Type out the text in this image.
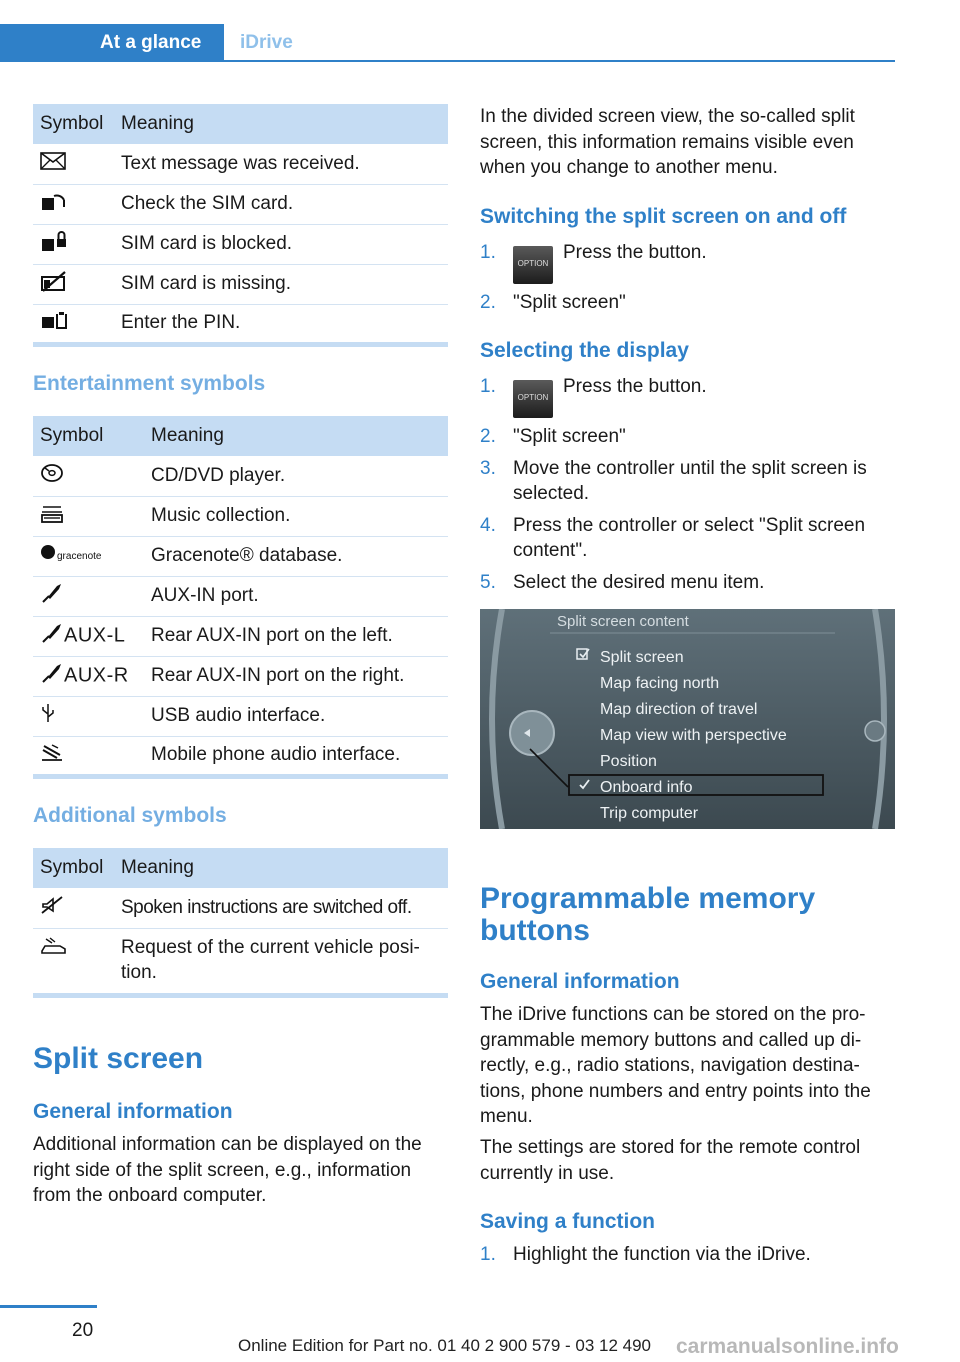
At a glance	iDrive
Symbol	Meaning
	Text message was received.
	Check the SIM card.
	SIM card is blocked.
	SIM card is missing.
	Enter the PIN.
Entertainment symbols
Symbol	Meaning
	CD/DVD player.
	Music collection.

gracenote	Gracenote® database.
	AUX-IN port.
AUX-L	Rear AUX-IN port on the left.
AUX-R	Rear AUX-IN port on the right.
	USB audio interface.
	Mobile phone audio interface.
Additional symbols
Symbol	Meaning
	Spoken instructions are switched off.
	Request of the current vehicle posi-
tion.
Split screen
General information

Additional information can be displayed on the right side of the split screen, e.g., information from the onboard computer.

In the divided screen view, the so-called split screen, this information remains visible even when you change to another menu.

Switching the split screen on and off
1.
OPTIONPress the button.
2. "Split screen"
Selecting the display
1.
OPTIONPress the button.
2. "Split screen"
3. Move the controller until the split screen is selected.
4. Press the controller or select "Split screen content".
5. Select the desired menu item.
Split screen content
Split screen
Map facing north
Map direction of travel
Map view with perspective
Position
Onboard info
Trip computer
Programmable memory buttons
General information

The iDrive functions can be stored on the pro-grammable memory buttons and called up di-rectly, e.g., radio stations, navigation destina-tions, phone numbers and entry points into the menu.

The settings are stored for the remote control currently in use.

Saving a function
1. Highlight the function via the iDrive.
20
Online Edition for Part no. 01 40 2 900 579 - 03 12 490 carmanualsonline.info
